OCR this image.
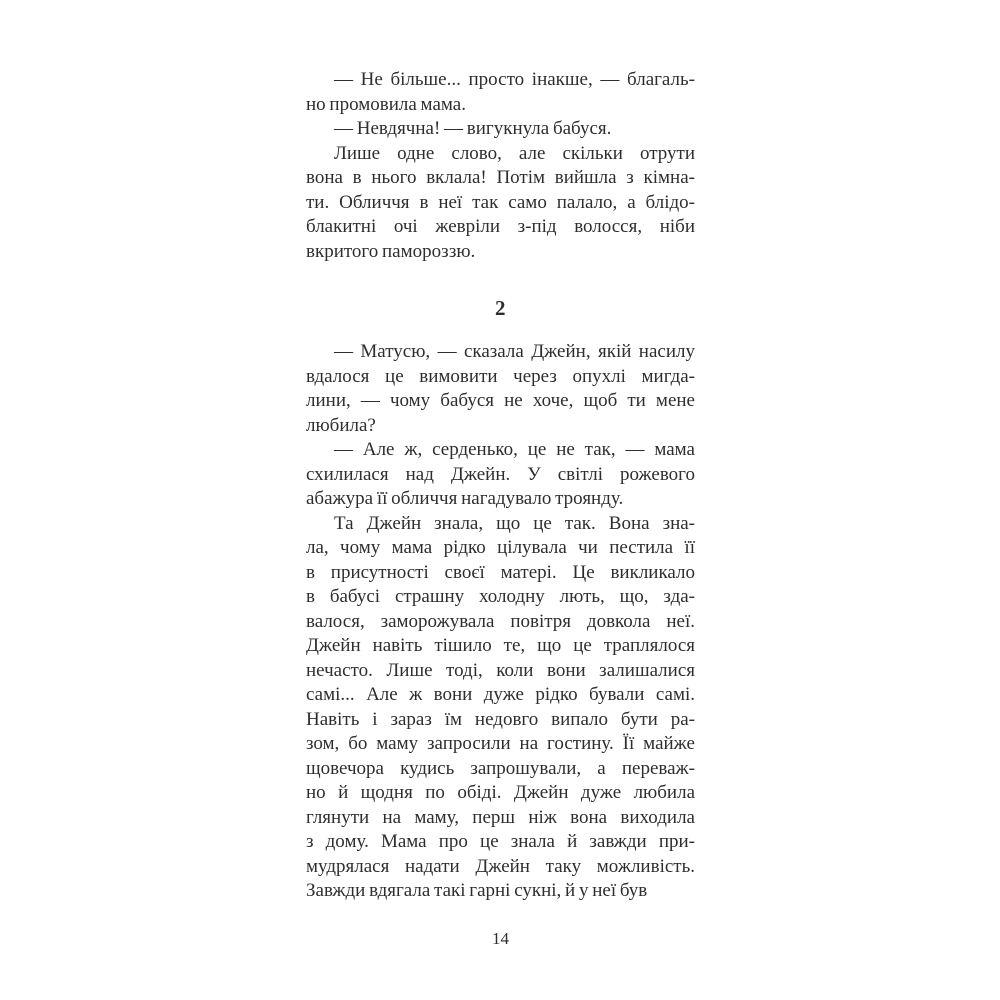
— Не більше... просто інакше, — благаль-
но промовила мама.
— Невдячна! — вигукнула бабуся.
Лише одне слово, але скільки отрути
вона в нього вклала! Потім вийшла з кімна-
ти. Обличчя в неї так само палало, а блідо-
блакитні очі жевріли з-під волосся, ніби
вкритого памороззю.
2
— Матусю, — сказала Джейн, якій насилу
вдалося це вимовити через опухлі мигда-
лини, — чому бабуся не хоче, щоб ти мене
любила?
— Але ж, серденько, це не так, — мама
схилилася над Джейн. У світлі рожевого
абажура її обличчя нагадувало троянду.
Та Джейн знала, що це так. Вона зна-
ла, чому мама рідко цілувала чи пестила її
в присутності своєї матері. Це викликало
в бабусі страшну холодну лють, що, зда-
валося, заморожувала повітря довкола неї.
Джейн навіть тішило те, що це траплялося
нечасто. Лише тоді, коли вони залишалися
самі... Але ж вони дуже рідко бували самі.
Навіть і зараз їм недовго випало бути ра-
зом, бо маму запросили на гостину. Її майже
щовечора кудись запрошували, а переваж-
но й щодня по обіді. Джейн дуже любила
глянути на маму, перш ніж вона виходила
з дому. Мама про це знала й завжди при-
мудрялася надати Джейн таку можливість.
Завжди вдягала такі гарні сукні, й у неї був
14
